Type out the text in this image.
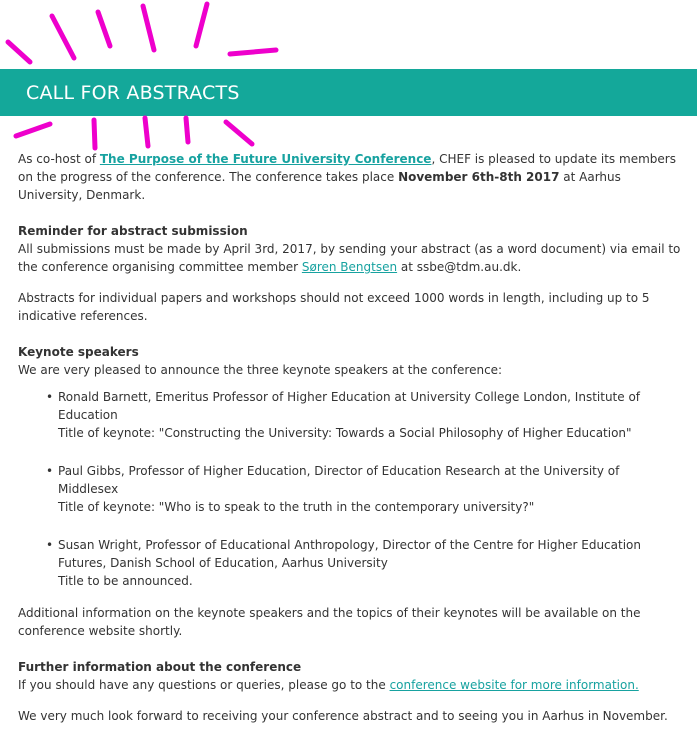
CALL FOR ABSTRACTS

As co-host of The Purpose of the Future University Conference, CHEF is pleased to update its members on the progress of the conference. The conference takes place November 6th-8th 2017 at Aarhus University, Denmark.

Reminder for abstract submission

All submissions must be made by April 3rd, 2017, by sending your abstract (as a word document) via email to the conference organising committee member Søren Bengtsen at ssbe@tdm.au.dk.

Abstracts for individual papers and workshops should not exceed 1000 words in length, including up to 5 indicative references.

Keynote speakers

We are very pleased to announce the three keynote speakers at the conference:

• Ronald Barnett, Emeritus Professor of Higher Education at University College London, Institute of Education
Title of keynote: "Constructing the University: Towards a Social Philosophy of Higher Education"
• Paul Gibbs, Professor of Higher Education, Director of Education Research at the University of Middlesex
Title of keynote: "Who is to speak to the truth in the contemporary university?"
• Susan Wright, Professor of Educational Anthropology, Director of the Centre for Higher Education Futures, Danish School of Education, Aarhus University
Title to be announced.

Additional information on the keynote speakers and the topics of their keynotes will be available on the conference website shortly.

Further information about the conference

If you should have any questions or queries, please go to the conference website for more information.

We very much look forward to receiving your conference abstract and to seeing you in Aarhus in November.
